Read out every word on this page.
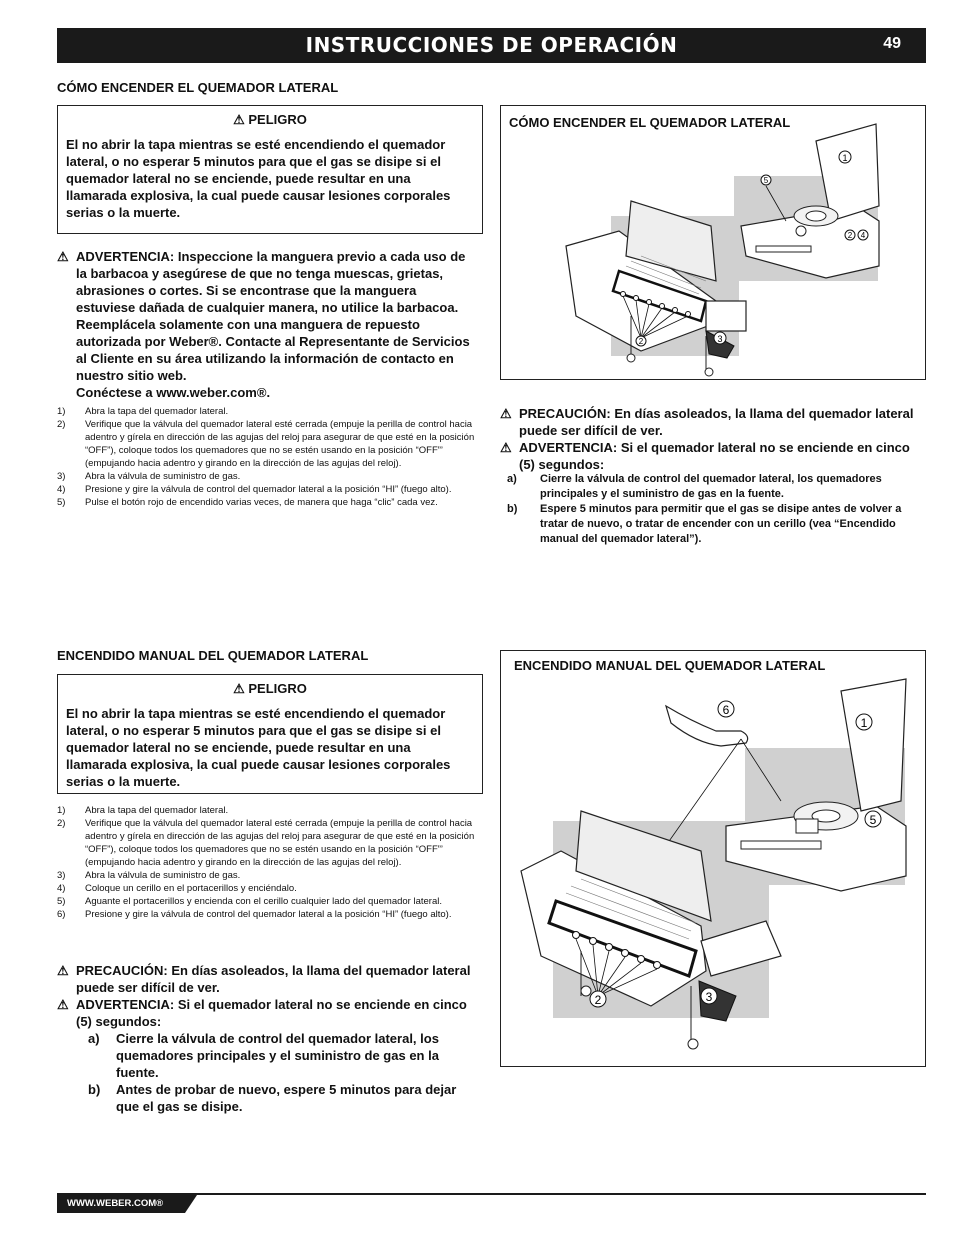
INSTRUCCIONES DE OPERACIÓN	49
CÓMO ENCENDER EL QUEMADOR LATERAL
⚠ PELIGRO
El no abrir la tapa mientras se esté encendiendo el quemador lateral, o no esperar 5 minutos para que el gas se disipe si el quemador lateral no se enciende, puede resultar en una llamarada explosiva, la cual puede causar lesiones corporales serias o la muerte.
⚠ ADVERTENCIA: Inspeccione la manguera previo a cada uso de la barbacoa y asegúrese de que no tenga muescas, grietas, abrasiones o cortes. Si se encontrase que la manguera estuviese dañada de cualquier manera, no utilice la barbacoa. Reemplácela solamente con una manguera de repuesto autorizada por Weber®. Contacte al Representante de Servicios al Cliente en su área utilizando la información de contacto en nuestro sitio web.
Conéctese a www.weber.com®.
1)	Abra la tapa del quemador lateral.
2)	Verifique que la válvula del quemador lateral esté cerrada (empuje la perilla de control hacia adentro y gírela en dirección de las agujas del reloj para asegurar de que esté en la posición “OFF”), coloque todos los quemadores que no se estén usando en la posición “OFF”’ (empujando hacia adentro y girando en la dirección de las agujas del reloj).
3)	Abra la válvula de suministro de gas.
4)	Presione y gire la válvula de control del quemador lateral a la posición “HI” (fuego alto).
5)	Pulse el botón rojo de encendido varias veces, de manera que haga “clic” cada vez.
CÓMO ENCENDER EL QUEMADOR LATERAL
1
5
2 4
2	3
⚠ PRECAUCIÓN: En días asoleados, la llama del quemador lateral puede ser difícil de ver.
⚠ ADVERTENCIA: Si el quemador lateral no se enciende en cinco (5) segundos:
a)	Cierre la válvula de control del quemador lateral, los quemadores principales y el suministro de gas en la fuente.
b)	Espere 5 minutos para permitir que el gas se disipe antes de volver a tratar de nuevo, o tratar de encender con un cerillo (vea “Encendido manual del quemador lateral”).
ENCENDIDO MANUAL DEL QUEMADOR LATERAL
⚠ PELIGRO
El no abrir la tapa mientras se esté encendiendo el quemador lateral, o no esperar 5 minutos para que el gas se disipe si el quemador lateral no se enciende, puede resultar en una llamarada explosiva, la cual puede causar lesiones corporales serias o la muerte.
1)	Abra la tapa del quemador lateral.
2)	Verifique que la válvula del quemador lateral esté cerrada (empuje la perilla de control hacia adentro y gírela en dirección de las agujas del reloj para asegurar de que esté en la posición “OFF”), coloque todos los quemadores que no se estén usando en la posición “OFF”’ (empujando hacia adentro y girando en la dirección de las agujas del reloj).
3)	Abra la válvula de suministro de gas.
4)	Coloque un cerillo en el portacerillos y enciéndalo.
5)	Aguante el portacerillos y encienda con el cerillo cualquier lado del quemador lateral.
6)	Presione y gire la válvula de control del quemador lateral a la posición “HI” (fuego alto).
⚠ PRECAUCIÓN: En días asoleados, la llama del quemador lateral puede ser difícil de ver.
⚠ ADVERTENCIA: Si el quemador lateral no se enciende en cinco (5) segundos:
a)	Cierre la válvula de control del quemador lateral, los quemadores principales y el suministro de gas en la fuente.
b)	Antes de probar de nuevo, espere 5 minutos para dejar que el gas se disipe.
ENCENDIDO MANUAL DEL QUEMADOR LATERAL
6
1
5
2	3
WWW.WEBER.COM®
